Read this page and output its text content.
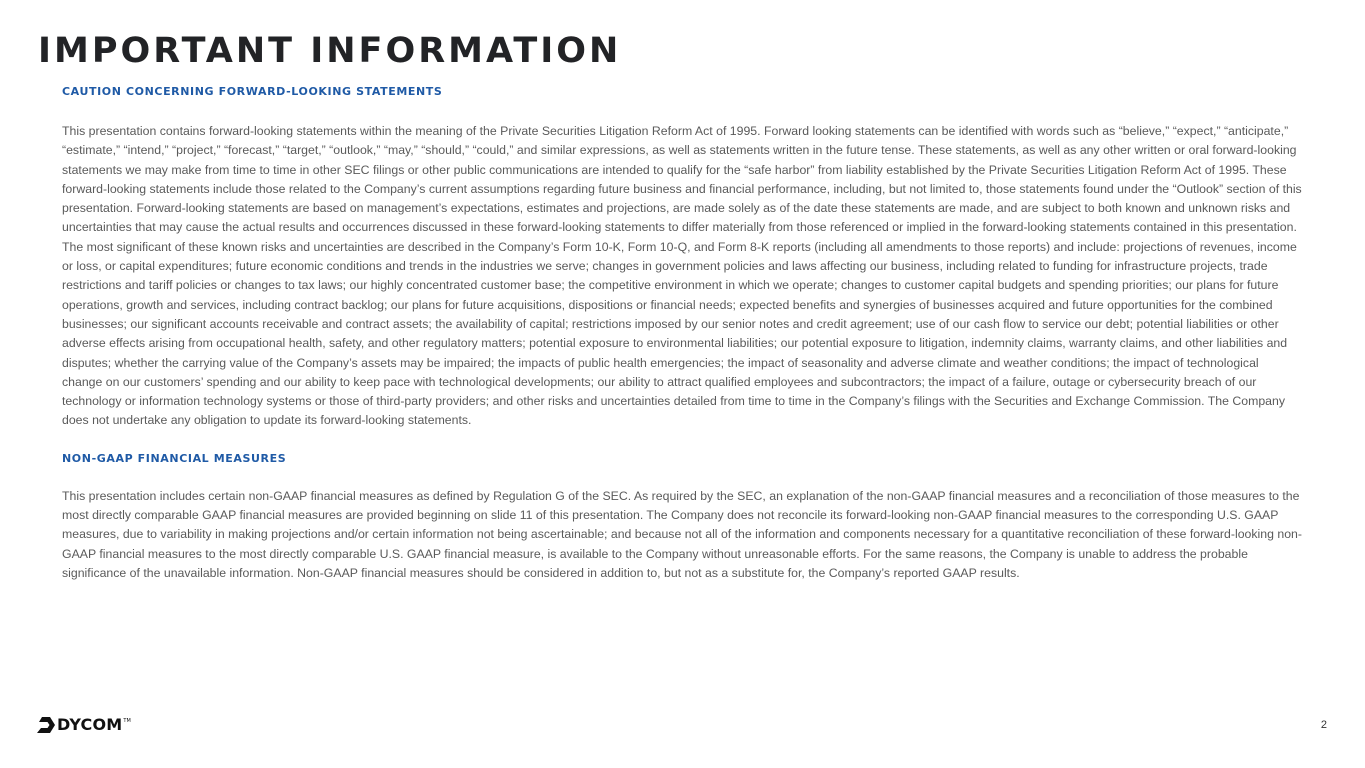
IMPORTANT INFORMATION
CAUTION CONCERNING FORWARD-LOOKING STATEMENTS

This presentation contains forward-looking statements within the meaning of the Private Securities Litigation Reform Act of 1995. Forward looking statements can be identified with words such as “believe,” “expect,” “anticipate,” “estimate,” “intend,” “project,” “forecast,” “target,” “outlook,” “may,” “should,” “could,” and similar expressions, as well as statements written in the future tense. These statements, as well as any other written or oral forward-looking statements we may make from time to time in other SEC filings or other public communications are intended to qualify for the “safe harbor” from liability established by the Private Securities Litigation Reform Act of 1995. These forward-looking statements include those related to the Company’s current assumptions regarding future business and financial performance, including, but not limited to, those statements found under the “Outlook” section of this presentation. Forward-looking statements are based on management’s expectations, estimates and projections, are made solely as of the date these statements are made, and are subject to both known and unknown risks and uncertainties that may cause the actual results and occurrences discussed in these forward-looking statements to differ materially from those referenced or implied in the forward-looking statements contained in this presentation. The most significant of these known risks and uncertainties are described in the Company’s Form 10-K, Form 10-Q, and Form 8-K reports (including all amendments to those reports) and include: projections of revenues, income or loss, or capital expenditures; future economic conditions and trends in the industries we serve; changes in government policies and laws affecting our business, including related to funding for infrastructure projects, trade restrictions and tariff policies or changes to tax laws; our highly concentrated customer base; the competitive environment in which we operate; changes to customer capital budgets and spending priorities; our plans for future operations, growth and services, including contract backlog; our plans for future acquisitions, dispositions or financial needs; expected benefits and synergies of businesses acquired and future opportunities for the combined businesses; our significant accounts receivable and contract assets; the availability of capital; restrictions imposed by our senior notes and credit agreement; use of our cash flow to service our debt; potential liabilities or other adverse effects arising from occupational health, safety, and other regulatory matters; potential exposure to environmental liabilities; our potential exposure to litigation, indemnity claims, warranty claims, and other liabilities and disputes; whether the carrying value of the Company’s assets may be impaired; the impacts of public health emergencies; the impact of seasonality and adverse climate and weather conditions; the impact of technological change on our customers’ spending and our ability to keep pace with technological developments; our ability to attract qualified employees and subcontractors; the impact of a failure, outage or cybersecurity breach of our technology or information technology systems or those of third-party providers; and other risks and uncertainties detailed from time to time in the Company’s filings with the Securities and Exchange Commission. The Company does not undertake any obligation to update its forward-looking statements.

NON-GAAP FINANCIAL MEASURES

This presentation includes certain non-GAAP financial measures as defined by Regulation G of the SEC. As required by the SEC, an explanation of the non-GAAP financial measures and a reconciliation of those measures to the most directly comparable GAAP financial measures are provided beginning on slide 11 of this presentation. The Company does not reconcile its forward-looking non-GAAP financial measures to the corresponding U.S. GAAP measures, due to variability in making projections and/or certain information not being ascertainable; and because not all of the information and components necessary for a quantitative reconciliation of these forward-looking non-GAAP financial measures to the most directly comparable U.S. GAAP financial measure, is available to the Company without unreasonable efforts. For the same reasons, the Company is unable to address the probable significance of the unavailable information. Non-GAAP financial measures should be considered in addition to, but not as a substitute for, the Company’s reported GAAP results.

DYCOM TM	2
